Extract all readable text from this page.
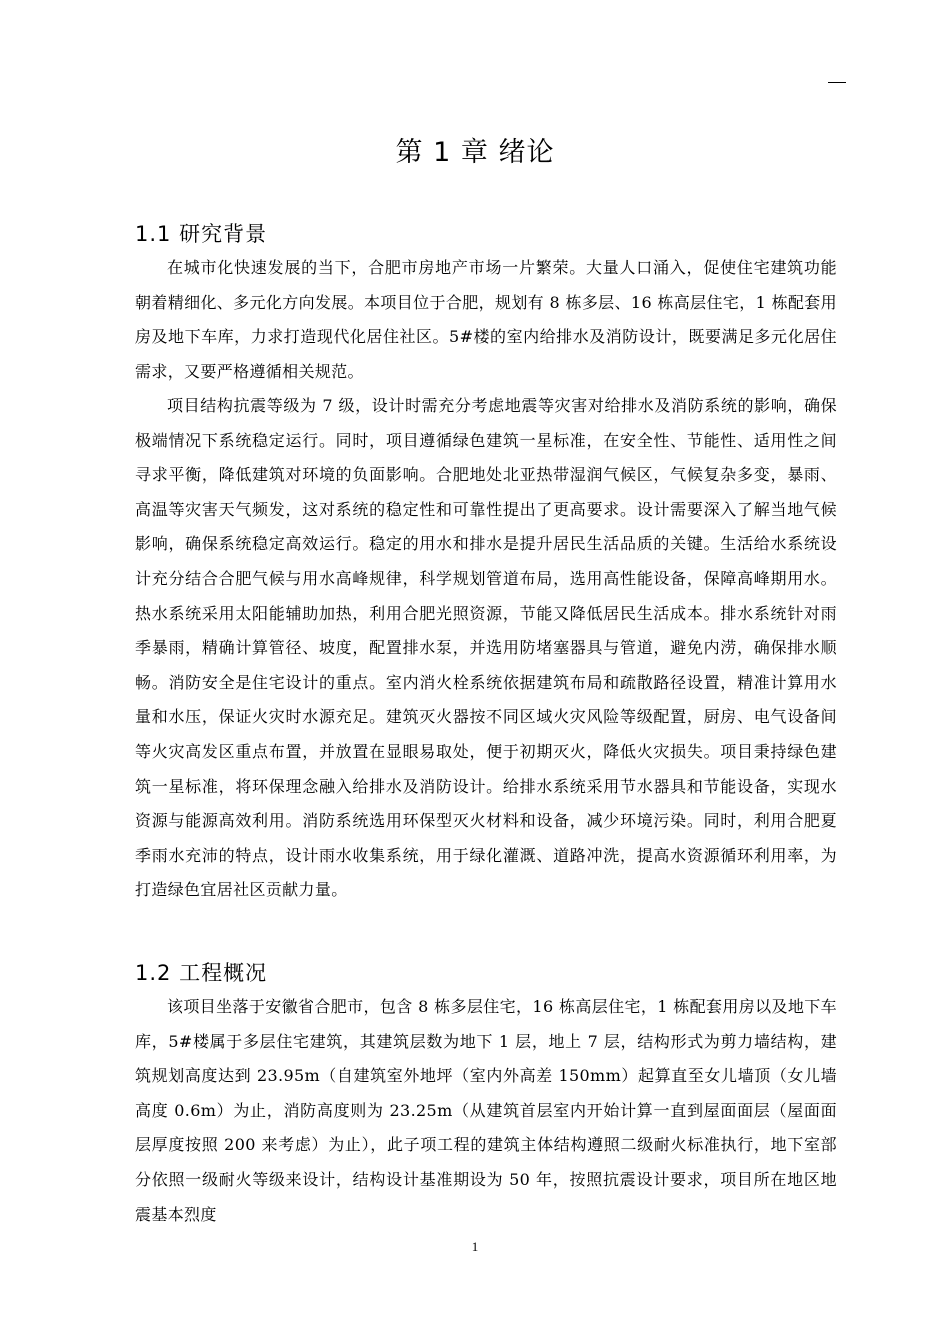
第 1 章 绪论
1.1 研究背景

在城市化快速发展的当下，合肥市房地产市场一片繁荣。大量人口涌入，促使住宅建筑功能朝着精细化、多元化方向发展。本项目位于合肥，规划有 8 栋多层、16 栋高层住宅，1 栋配套用房及地下车库，力求打造现代化居住社区。5#楼的室内给排水及消防设计，既要满足多元化居住需求，又要严格遵循相关规范。

项目结构抗震等级为 7 级，设计时需充分考虑地震等灾害对给排水及消防系统的影响，确保极端情况下系统稳定运行。同时，项目遵循绿色建筑一星标准，在安全性、节能性、适用性之间寻求平衡，降低建筑对环境的负面影响。合肥地处北亚热带湿润气候区，气候复杂多变，暴雨、高温等灾害天气频发，这对系统的稳定性和可靠性提出了更高要求。设计需要深入了解当地气候影响，确保系统稳定高效运行。稳定的用水和排水是提升居民生活品质的关键。生活给水系统设计充分结合合肥气候与用水高峰规律，科学规划管道布局，选用高性能设备，保障高峰期用水。热水系统采用太阳能辅助加热，利用合肥光照资源，节能又降低居民生活成本。排水系统针对雨季暴雨，精确计算管径、坡度，配置排水泵，并选用防堵塞器具与管道，避免内涝，确保排水顺畅。消防安全是住宅设计的重点。室内消火栓系统依据建筑布局和疏散路径设置，精准计算用水量和水压，保证火灾时水源充足。建筑灭火器按不同区域火灾风险等级配置，厨房、电气设备间等火灾高发区重点布置，并放置在显眼易取处，便于初期灭火，降低火灾损失。项目秉持绿色建筑一星标准，将环保理念融入给排水及消防设计。给排水系统采用节水器具和节能设备，实现水资源与能源高效利用。消防系统选用环保型灭火材料和设备，减少环境污染。同时，利用合肥夏季雨水充沛的特点，设计雨水收集系统，用于绿化灌溉、道路冲洗，提高水资源循环利用率，为打造绿色宜居社区贡献力量。

1.2 工程概况

该项目坐落于安徽省合肥市，包含 8 栋多层住宅，16 栋高层住宅，1 栋配套用房以及地下车库，5#楼属于多层住宅建筑，其建筑层数为地下 1 层，地上 7 层，结构形式为剪力墙结构，建筑规划高度达到 23.95m（自建筑室外地坪（室内外高差 150mm）起算直至女儿墙顶（女儿墙高度 0.6m）为止，消防高度则为 23.25m（从建筑首层室内开始计算一直到屋面面层（屋面面层厚度按照 200 来考虑）为止），此子项工程的建筑主体结构遵照二级耐火标准执行，地下室部分依照一级耐火等级来设计，结构设计基准期设为 50 年，按照抗震设计要求，项目所在地区地震基本烈度

1
